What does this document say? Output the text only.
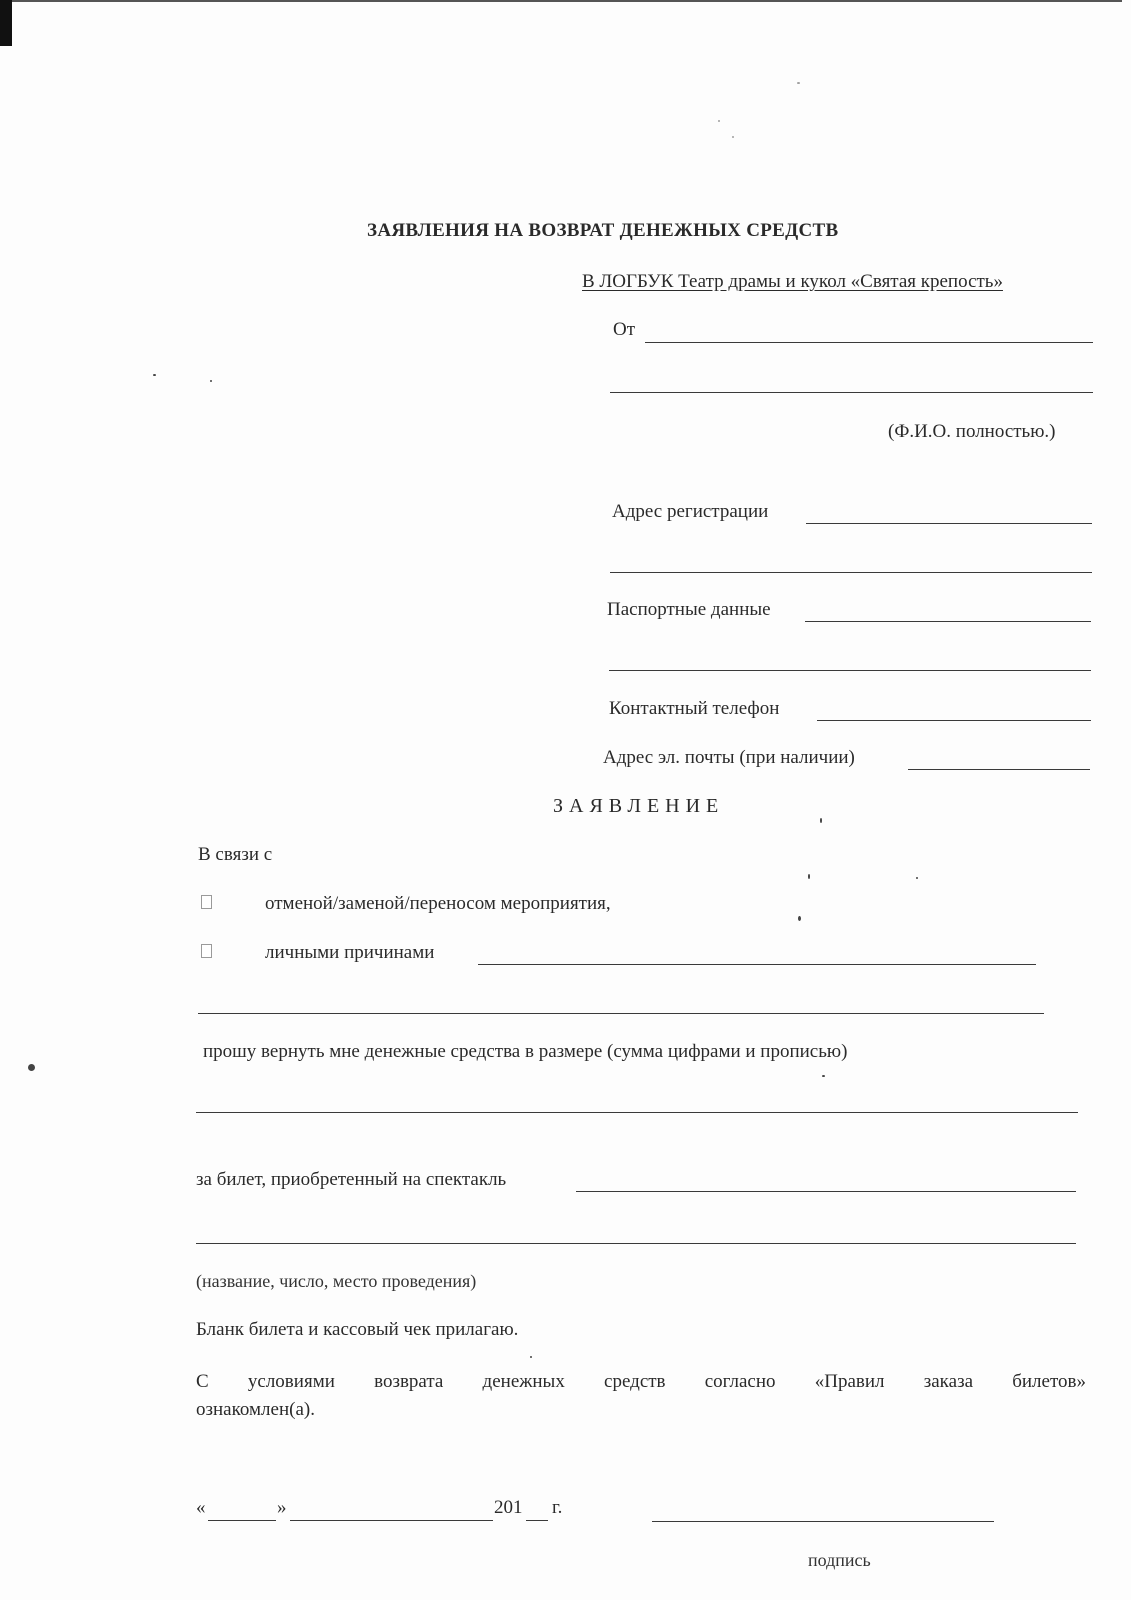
ЗАЯВЛЕНИЯ НА ВОЗВРАТ ДЕНЕЖНЫХ СРЕДСТВ
В ЛОГБУК Театр драмы и кукол «Святая крепость»
От
(Ф.И.О. полностью.)
Адрес регистрации
Паспортные данные
Контактный телефон
Адрес эл. почты (при наличии)
ЗАЯВЛЕНИЕ
В связи с
отменой/заменой/переносом мероприятия,
личными причинами
прошу вернуть мне денежные средства в размере (сумма цифрами и прописью)
за билет, приобретенный на спектакль
(название, число, место проведения)
Бланк билета и кассовый чек прилагаю.
С условиями возврата денежных средств согласно «Правил заказа билетов»
ознакомлен(а).
«	»	201 г.
подпись
